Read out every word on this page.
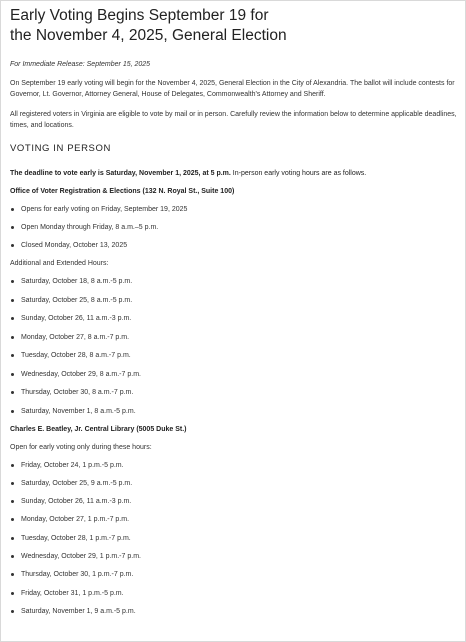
Early Voting Begins September 19 for
the November 4, 2025, General Election
For Immediate Release: September 15, 2025

On September 19 early voting will begin for the November 4, 2025, General Election in the City of Alexandria. The ballot will include contests for Governor, Lt. Governor, Attorney General, House of Delegates, Commonwealth's Attorney and Sheriff.

All registered voters in Virginia are eligible to vote by mail or in person. Carefully review the information below to determine applicable deadlines, times, and locations.

VOTING IN PERSON
The deadline to vote early is Saturday, November 1, 2025, at 5 p.m. In-person early voting hours are as follows.
Office of Voter Registration & Elections (132 N. Royal St., Suite 100)
Opens for early voting on Friday, September 19, 2025
Open Monday through Friday, 8 a.m.–5 p.m.
Closed Monday, October 13, 2025
Additional and Extended Hours:
Saturday, October 18, 8 a.m.-5 p.m.
Saturday, October 25, 8 a.m.-5 p.m.
Sunday, October 26, 11 a.m.-3 p.m.
Monday, October 27, 8 a.m.-7 p.m.
Tuesday, October 28, 8 a.m.-7 p.m.
Wednesday, October 29, 8 a.m.-7 p.m.
Thursday, October 30, 8 a.m.-7 p.m.
Saturday, November 1, 8 a.m.-5 p.m.
Charles E. Beatley, Jr. Central Library (5005 Duke St.)
Open for early voting only during these hours:
Friday, October 24, 1 p.m.-5 p.m.
Saturday, October 25, 9 a.m.-5 p.m.
Sunday, October 26, 11 a.m.-3 p.m.
Monday, October 27, 1 p.m.-7 p.m.
Tuesday, October 28, 1 p.m.-7 p.m.
Wednesday, October 29, 1 p.m.-7 p.m.
Thursday, October 30, 1 p.m.-7 p.m.
Friday, October 31, 1 p.m.-5 p.m.
Saturday, November 1, 9 a.m.-5 p.m.
